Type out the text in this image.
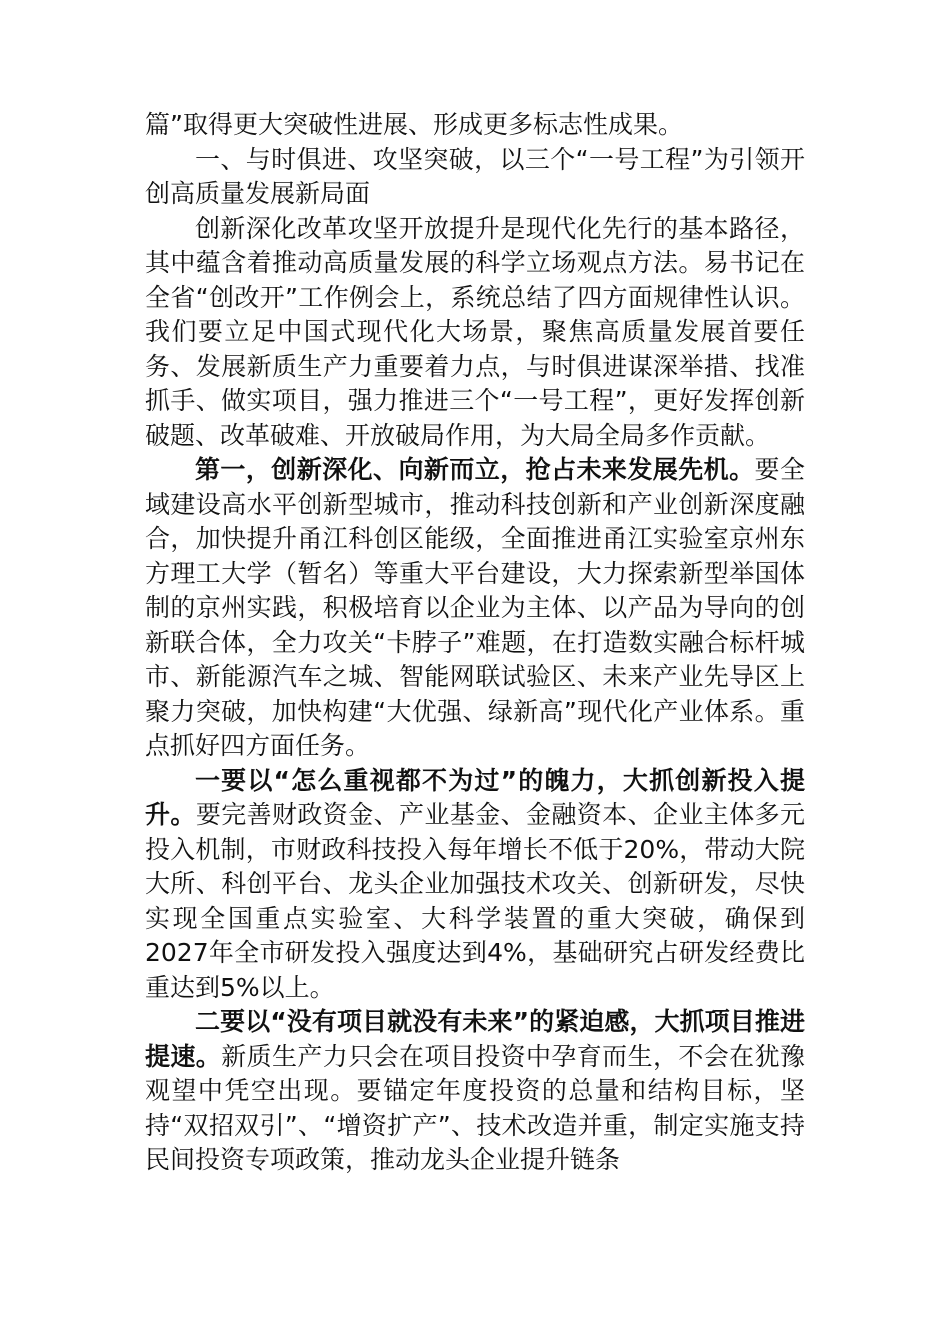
篇”取得更大突破性进展、形成更多标志性成果。

一、与时俱进、攻坚突破，以三个“一号工程”为引领开创高质量发展新局面

创新深化改革攻坚开放提升是现代化先行的基本路径，其中蕴含着推动高质量发展的科学立场观点方法。易书记在全省“创改开”工作例会上，系统总结了四方面规律性认识。我们要立足中国式现代化大场景，聚焦高质量发展首要任务、发展新质生产力重要着力点，与时俱进谋深举措、找准抓手、做实项目，强力推进三个“一号工程”，更好发挥创新破题、改革破难、开放破局作用，为大局全局多作贡献。

第一，创新深化、向新而立，抢占未来发展先机。要全域建设高水平创新型城市，推动科技创新和产业创新深度融合，加快提升甬江科创区能级，全面推进甬江实验室京州东方理工大学（暂名）等重大平台建设，大力探索新型举国体制的京州实践，积极培育以企业为主体、以产品为导向的创新联合体，全力攻关“卡脖子”难题，在打造数实融合标杆城市、新能源汽车之城、智能网联试验区、未来产业先导区上聚力突破，加快构建“大优强、绿新高”现代化产业体系。重点抓好四方面任务。

一要以“怎么重视都不为过”的魄力，大抓创新投入提升。要完善财政资金、产业基金、金融资本、企业主体多元投入机制，市财政科技投入每年增长不低于20%，带动大院大所、科创平台、龙头企业加强技术攻关、创新研发，尽快实现全国重点实验室、大科学装置的重大突破，确保到2027年全市研发投入强度达到4%，基础研究占研发经费比重达到5%以上。

二要以“没有项目就没有未来”的紧迫感，大抓项目推进提速。新质生产力只会在项目投资中孕育而生，不会在犹豫观望中凭空出现。要锚定年度投资的总量和结构目标，坚持“双招双引”、“增资扩产”、技术改造并重，制定实施支持民间投资专项政策，推动龙头企业提升链条
